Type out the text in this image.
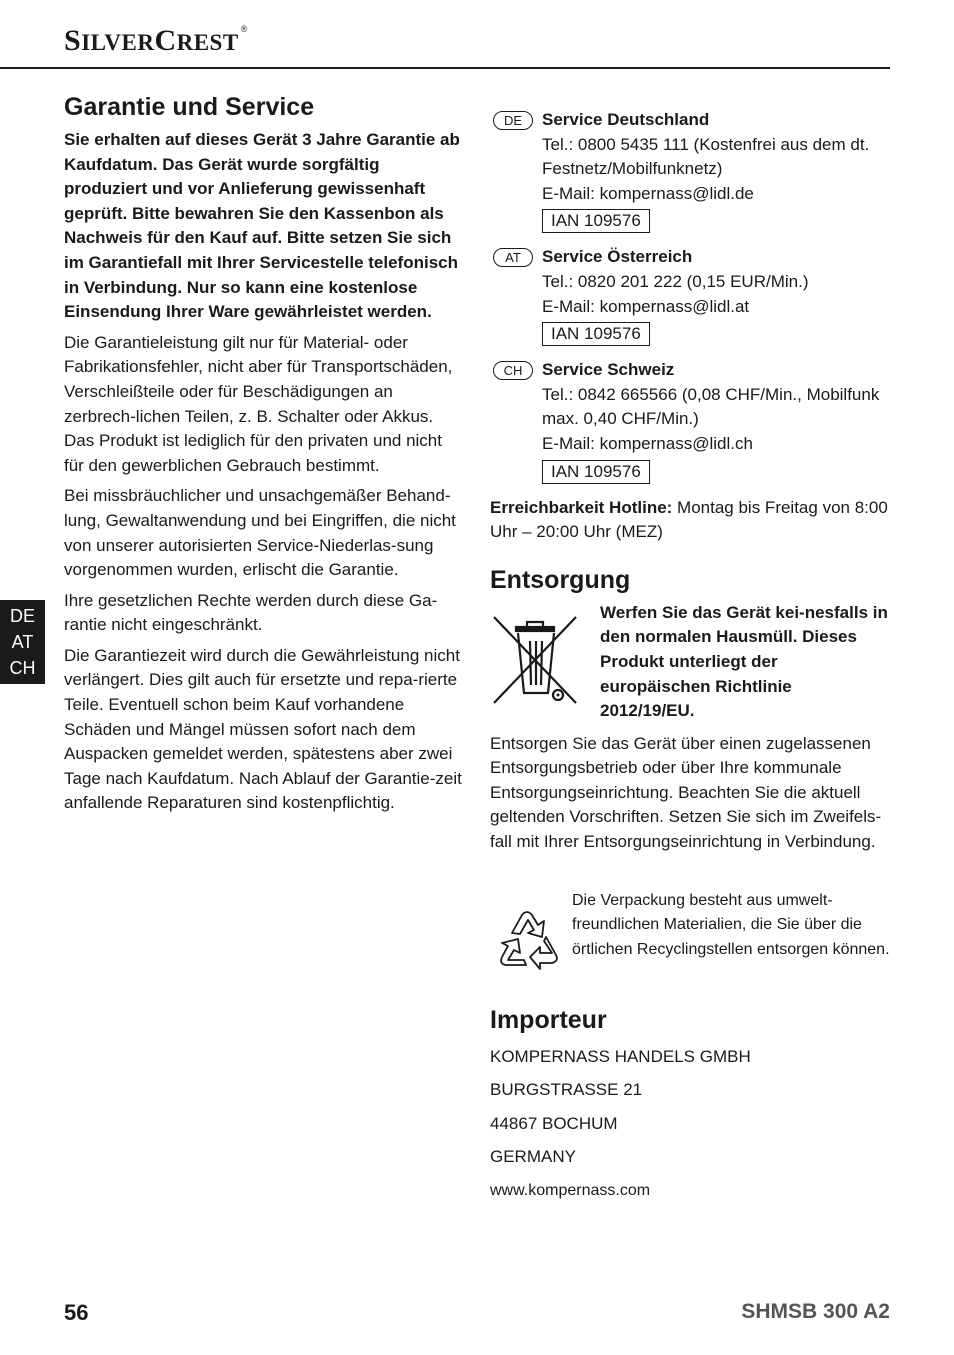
SILVERCREST®
DE
AT
CH
Garantie und Service

Sie erhalten auf dieses Gerät 3 Jahre Garantie ab Kaufdatum. Das Gerät wurde sorgfältig produziert und vor Anlieferung gewissenhaft geprüft. Bitte bewahren Sie den Kassenbon als Nachweis für den Kauf auf. Bitte setzen Sie sich im Garantiefall mit Ihrer Servicestelle telefonisch in Verbindung. Nur so kann eine kostenlose Einsendung Ihrer Ware gewährleistet werden.

Die Garantieleistung gilt nur für Material- oder Fabrikationsfehler, nicht aber für Transportschäden, Verschleißteile oder für Beschädigungen an zerbrech-lichen Teilen, z. B. Schalter oder Akkus. Das Produkt ist lediglich für den privaten und nicht für den gewerblichen Gebrauch bestimmt.

Bei missbräuchlicher und unsachgemäßer Behand-lung, Gewaltanwendung und bei Eingriffen, die nicht von unserer autorisierten Service-Niederlas-sung vorgenommen wurden, erlischt die Garantie.

Ihre gesetzlichen Rechte werden durch diese Ga-rantie nicht eingeschränkt.

Die Garantiezeit wird durch die Gewährleistung nicht verlängert. Dies gilt auch für ersetzte und repa-rierte Teile. Eventuell schon beim Kauf vorhandene Schäden und Mängel müssen sofort nach dem Auspacken gemeldet werden, spätestens aber zwei Tage nach Kaufdatum. Nach Ablauf der Garantie-zeit anfallende Reparaturen sind kostenpflichtig.

DE	Service Deutschland

Tel.: 0800 5435 111 (Kostenfrei aus dem dt. Festnetz/Mobilfunknetz)

E-Mail: kompernass@lidl.de

IAN 109576
AT	Service Österreich

Tel.: 0820 201 222 (0,15 EUR/Min.)

E-Mail: kompernass@lidl.at

IAN 109576
CH	Service Schweiz

Tel.: 0842 665566 (0,08 CHF/Min., Mobilfunk max. 0,40 CHF/Min.)

E-Mail: kompernass@lidl.ch

IAN 109576

Erreichbarkeit Hotline: Montag bis Freitag von 8:00 Uhr – 20:00 Uhr (MEZ)

Entsorgung
Werfen Sie das Gerät kei-nesfalls in den normalen Hausmüll. Dieses Produkt unterliegt der europäischen Richtlinie 2012/19/EU.

Entsorgen Sie das Gerät über einen zugelassenen Entsorgungsbetrieb oder über Ihre kommunale Entsorgungseinrichtung. Beachten Sie die aktuell geltenden Vorschriften. Setzen Sie sich im Zweifels-fall mit Ihrer Entsorgungseinrichtung in Verbindung.

Die Verpackung besteht aus umwelt-freundlichen Materialien, die Sie über die örtlichen Recyclingstellen entsorgen können.
Importeur
KOMPERNASS HANDELS GMBH
BURGSTRASSE 21
44867 BOCHUM
GERMANY
www.kompernass.com
56	SHMSB 300 A2
